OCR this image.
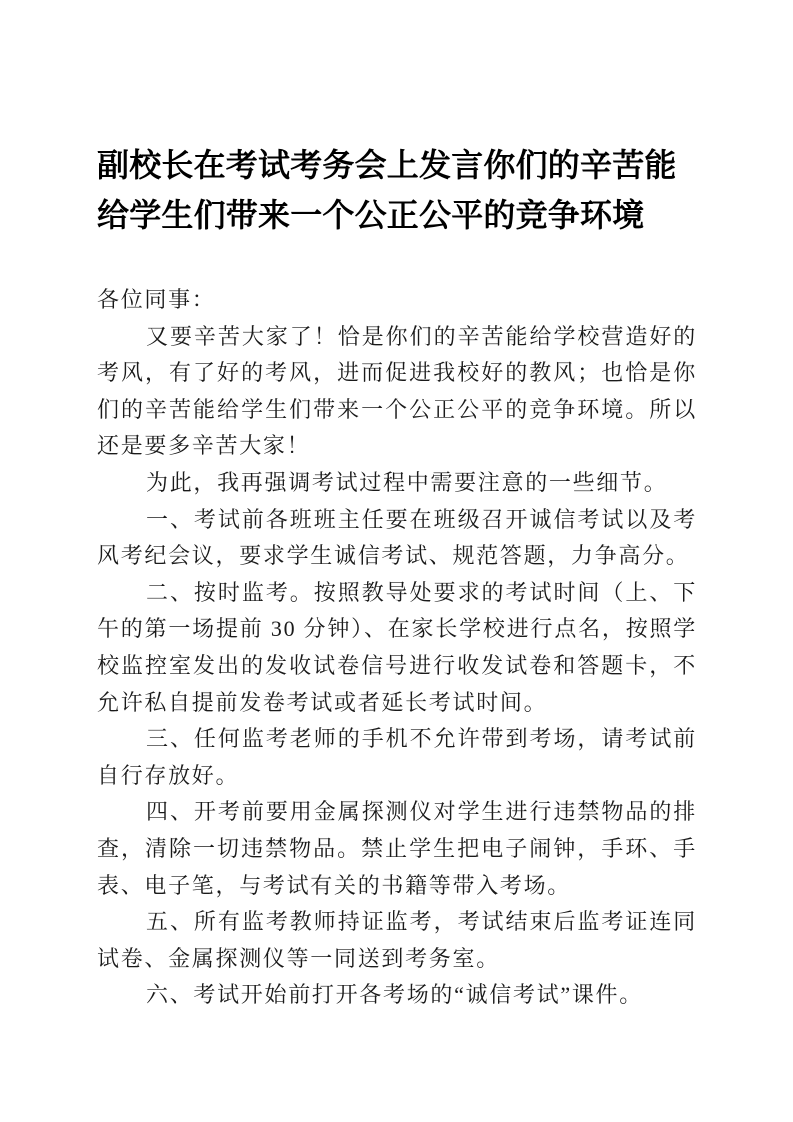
副校长在考试考务会上发言你们的辛苦能
给学生们带来一个公正公平的竞争环境

各位同事：

又要辛苦大家了！恰是你们的辛苦能给学校营造好的考风，有了好的考风，进而促进我校好的教风；也恰是你们的辛苦能给学生们带来一个公正公平的竞争环境。所以还是要多辛苦大家！

为此，我再强调考试过程中需要注意的一些细节。

一、考试前各班班主任要在班级召开诚信考试以及考风考纪会议，要求学生诚信考试、规范答题，力争高分。

二、按时监考。按照教导处要求的考试时间（上、下午的第一场提前 30 分钟）、在家长学校进行点名，按照学校监控室发出的发收试卷信号进行收发试卷和答题卡，不允许私自提前发卷考试或者延长考试时间。

三、任何监考老师的手机不允许带到考场，请考试前自行存放好。

四、开考前要用金属探测仪对学生进行违禁物品的排查，清除一切违禁物品。禁止学生把电子闹钟，手环、手表、电子笔，与考试有关的书籍等带入考场。

五、所有监考教师持证监考，考试结束后监考证连同试卷、金属探测仪等一同送到考务室。

六、考试开始前打开各考场的“诚信考试”课件。
